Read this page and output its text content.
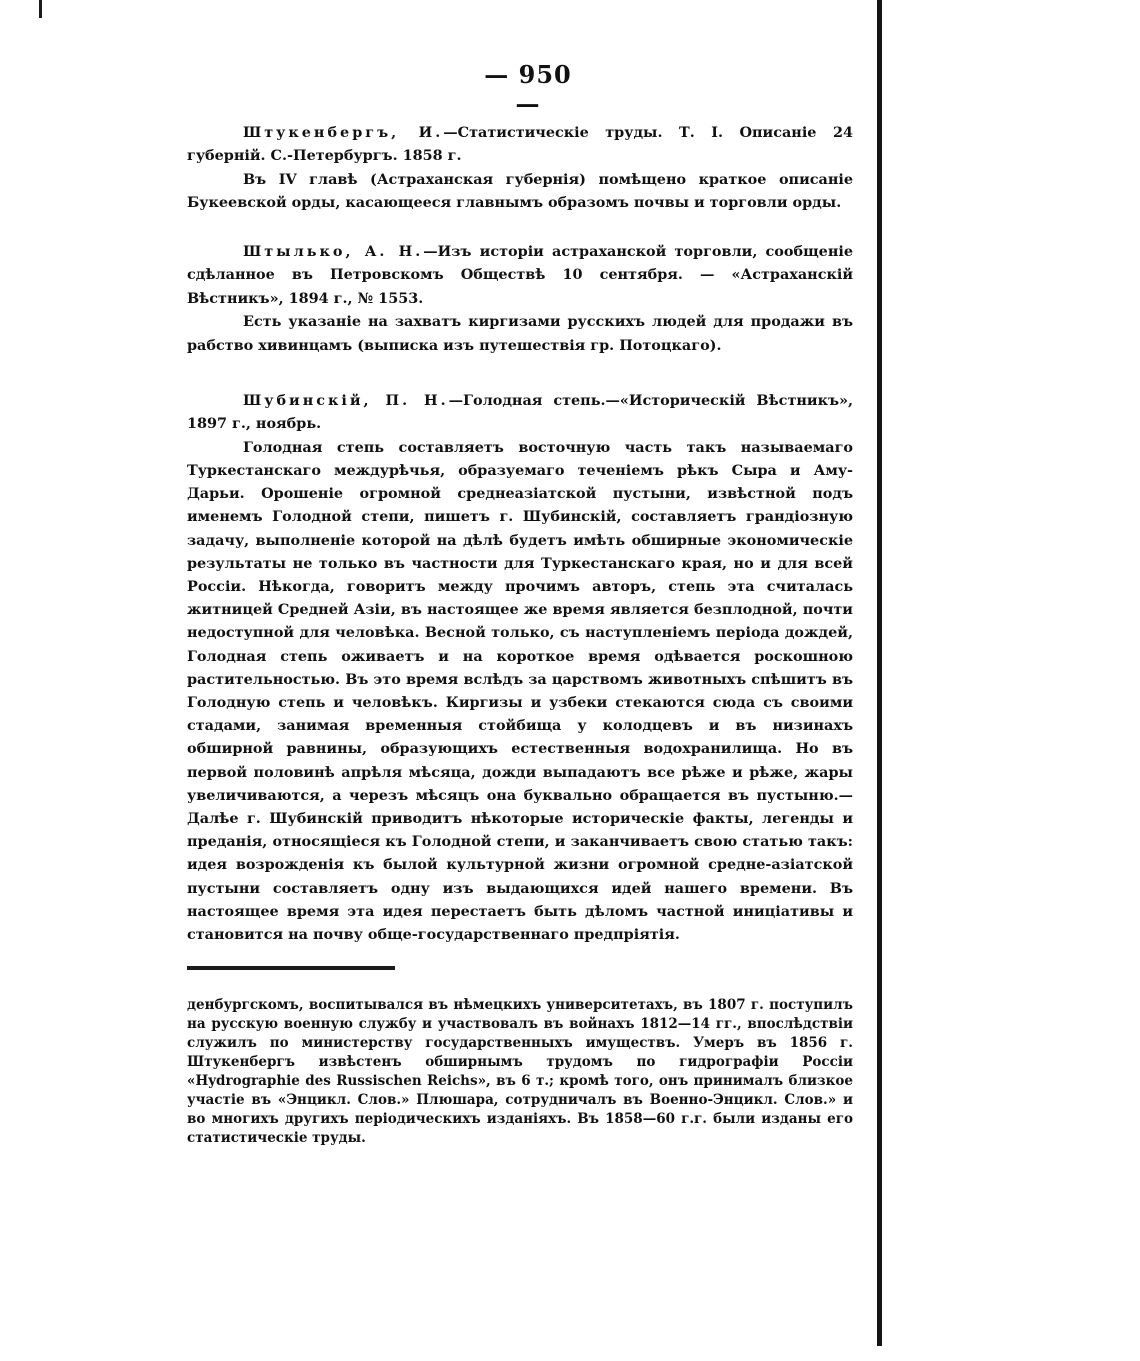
— 950 —

Штукенбергъ, И.—Статистическіе труды. Т. I. Описаніе 24 губерній. С.-Петербургъ. 1858 г.

Въ IV главѣ (Астраханская губернія) помѣщено краткое описаніе Букеевской орды, касающееся главнымъ образомъ почвы и торговли орды.

Штылько, А. Н.—Изъ исторіи астраханской торговли, сообщеніе сдѣланное въ Петровскомъ Обществѣ 10 сентября. — «Астраханскій Вѣстникъ», 1894 г., № 1553.

Есть указаніе на захватъ киргизами русскихъ людей для продажи въ рабство хивинцамъ (выписка изъ путешествія гр. Потоцкаго).

Шубинскій, П. Н.—Голодная степь.—«Историческій Вѣстникъ», 1897 г., ноябрь.

Голодная степь составляетъ восточную часть такъ называемаго Туркестанскаго междурѣчья, образуемаго теченіемъ рѣкъ Сыра и Аму-Дарьи. Орошеніе огромной среднеазіатской пустыни, извѣстной подъ именемъ Голодной степи, пишетъ г. Шубинскій, составляетъ грандіозную задачу, выполненіе которой на дѣлѣ будетъ имѣть обширные экономическіе результаты не только въ частности для Туркестанскаго края, но и для всей Россіи. Нѣкогда, говоритъ между прочимъ авторъ, степь эта считалась житницей Средней Азіи, въ настоящее же время является безплодной, почти недоступной для человѣка. Весной только, съ наступленіемъ періода дождей, Голодная степь оживаетъ и на короткое время одѣвается роскошною растительностью. Въ это время вслѣдъ за царствомъ животныхъ спѣшитъ въ Голодную степь и человѣкъ. Киргизы и узбеки стекаются сюда съ своими стадами, занимая временныя стойбища у колодцевъ и въ низинахъ обширной равнины, образующихъ естественныя водохранилища. Но въ первой половинѣ апрѣля мѣсяца, дожди выпадаютъ все рѣже и рѣже, жары увеличиваются, а черезъ мѣсяцъ она буквально обращается въ пустыню.—Далѣе г. Шубинскій приводитъ нѣкоторые историческіе факты, легенды и преданія, относящіеся къ Голодной степи, и заканчиваетъ свою статью такъ: идея возрожденія къ былой культурной жизни огромной средне-азіатской пустыни составляетъ одну изъ выдающихся идей нашего времени. Въ настоящее время эта идея перестаетъ быть дѣломъ частной иниціативы и становится на почву обще-государственнаго предпріятія.

денбургскомъ, воспитывался въ нѣмецкихъ университетахъ, въ 1807 г. поступилъ на русскую военную службу и участвовалъ въ войнахъ 1812—14 гг., впослѣдствіи служилъ по министерству государственныхъ имуществъ. Умеръ въ 1856 г. Штукенбергъ извѣстенъ обширнымъ трудомъ по гидрографіи Россіи «Hydrographie des Russischen Reichs», въ 6 т.; кромѣ того, онъ принималъ близкое участіе въ «Энцикл. Слов.» Плюшара, сотрудничалъ въ Военно-Энцикл. Слов.» и во многихъ другихъ періодическихъ изданіяхъ. Въ 1858—60 г.г. были изданы его статистическіе труды.
